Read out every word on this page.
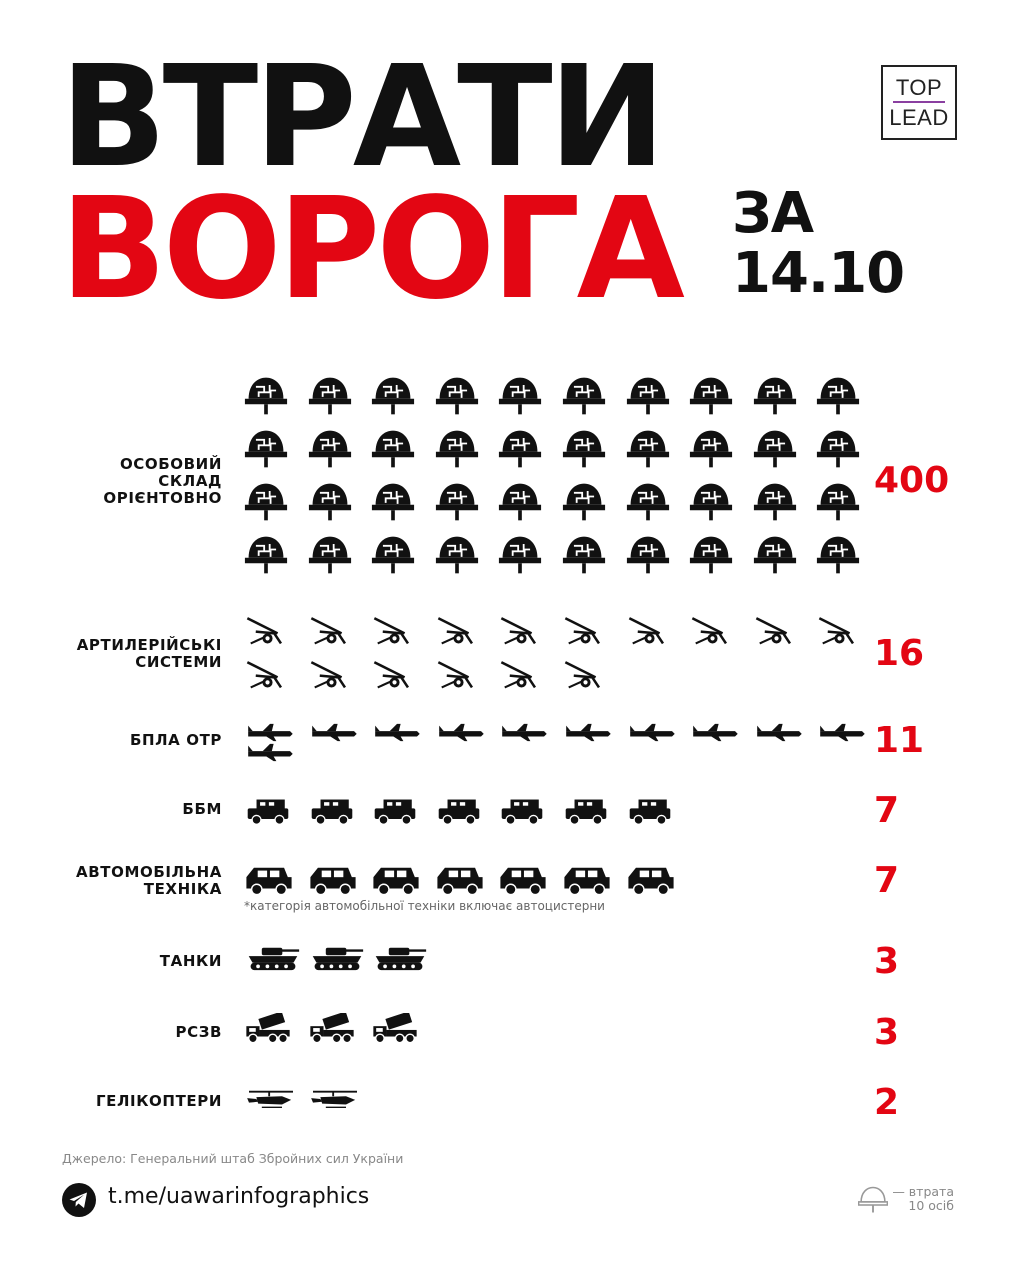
ВТРАТИ
ВОРОГА ЗА
14.10
TOP
LEAD
ОСОБОВИЙ
СКЛАД
ОРІЄНТОВНО	400
АРТИЛЕРІЙСЬКІ
СИСТЕМИ	16
БПЛА ОТР	11
ББМ	7
АВТОМОБІЛЬНА
ТЕХНІКА	7
ТАНКИ	3
РСЗВ	3
ГЕЛІКОПТЕРИ	2
*категорія автомобільної техніки включає автоцистерни
Джерело: Генеральний штаб Збройних сил України
t.me/uawarinfographics	— втрата
10 осіб
